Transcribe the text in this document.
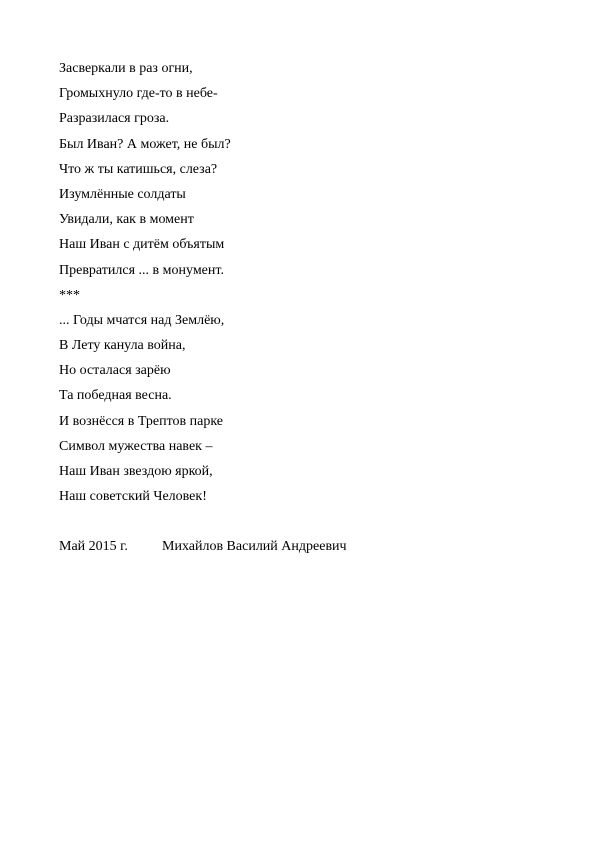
Засверкали в раз огни,
Громыхнуло где-то в небе-
Разразилася гроза.
Был Иван? А может, не был?
Что ж ты катишься, слеза?
Изумлённые солдаты
Увидали, как в момент
Наш Иван с дитём объятым
Превратился ... в монумент.
***
... Годы мчатся над Землёю,
В Лету канула война,
Но осталася зарёю
Та победная весна.
И вознёсся в Трептов парке
Символ мужества навек –
Наш Иван звездою яркой,
Наш советский Человек!
Май 2015 г. Михайлов Василий Андреевич
